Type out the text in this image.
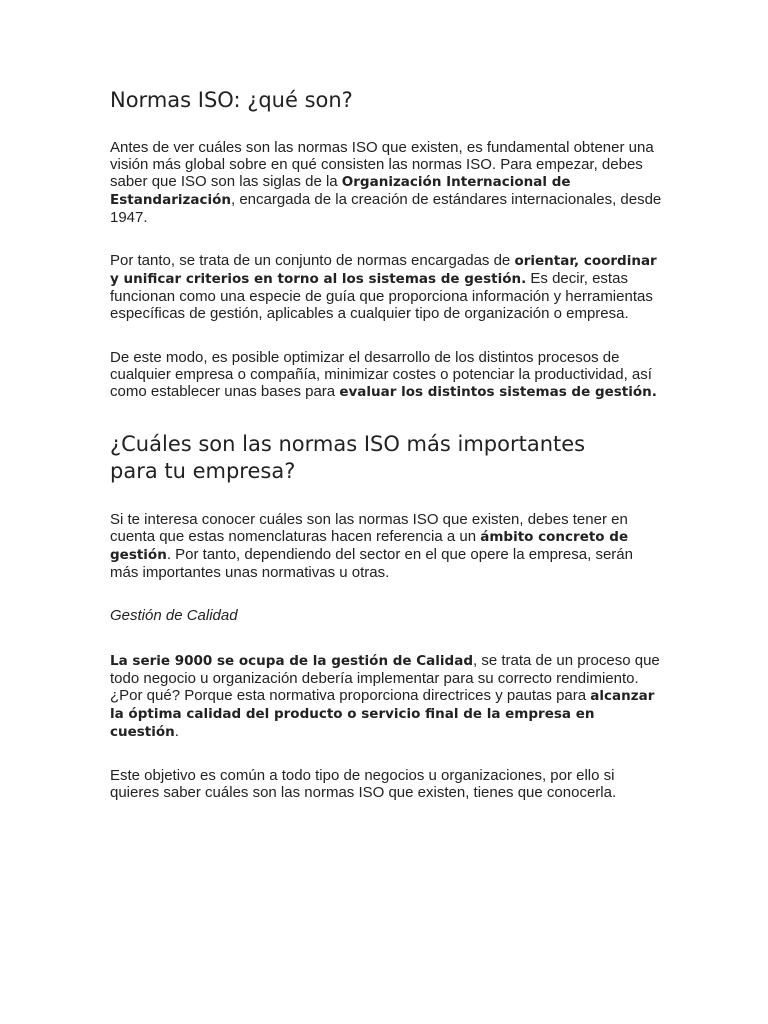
Normas ISO: ¿qué son?

Antes de ver cuáles son las normas ISO que existen, es fundamental obtener una visión más global sobre en qué consisten las normas ISO. Para empezar, debes saber que ISO son las siglas de la Organización Internacional de Estandarización, encargada de la creación de estándares internacionales, desde 1947.

Por tanto, se trata de un conjunto de normas encargadas de orientar, coordinar y unificar criterios en torno al los sistemas de gestión. Es decir, estas funcionan como una especie de guía que proporciona información y herramientas específicas de gestión, aplicables a cualquier tipo de organización o empresa.

De este modo, es posible optimizar el desarrollo de los distintos procesos de cualquier empresa o compañía, minimizar costes o potenciar la productividad, así como establecer unas bases para evaluar los distintos sistemas de gestión.

¿Cuáles son las normas ISO más importantes para tu empresa?

Si te interesa conocer cuáles son las normas ISO que existen, debes tener en cuenta que estas nomenclaturas hacen referencia a un ámbito concreto de gestión. Por tanto, dependiendo del sector en el que opere la empresa, serán más importantes unas normativas u otras.

Gestión de Calidad

La serie 9000 se ocupa de la gestión de Calidad, se trata de un proceso que todo negocio u organización debería implementar para su correcto rendimiento. ¿Por qué? Porque esta normativa proporciona directrices y pautas para alcanzar la óptima calidad del producto o servicio final de la empresa en cuestión.

Este objetivo es común a todo tipo de negocios u organizaciones, por ello si quieres saber cuáles son las normas ISO que existen, tienes que conocerla.
